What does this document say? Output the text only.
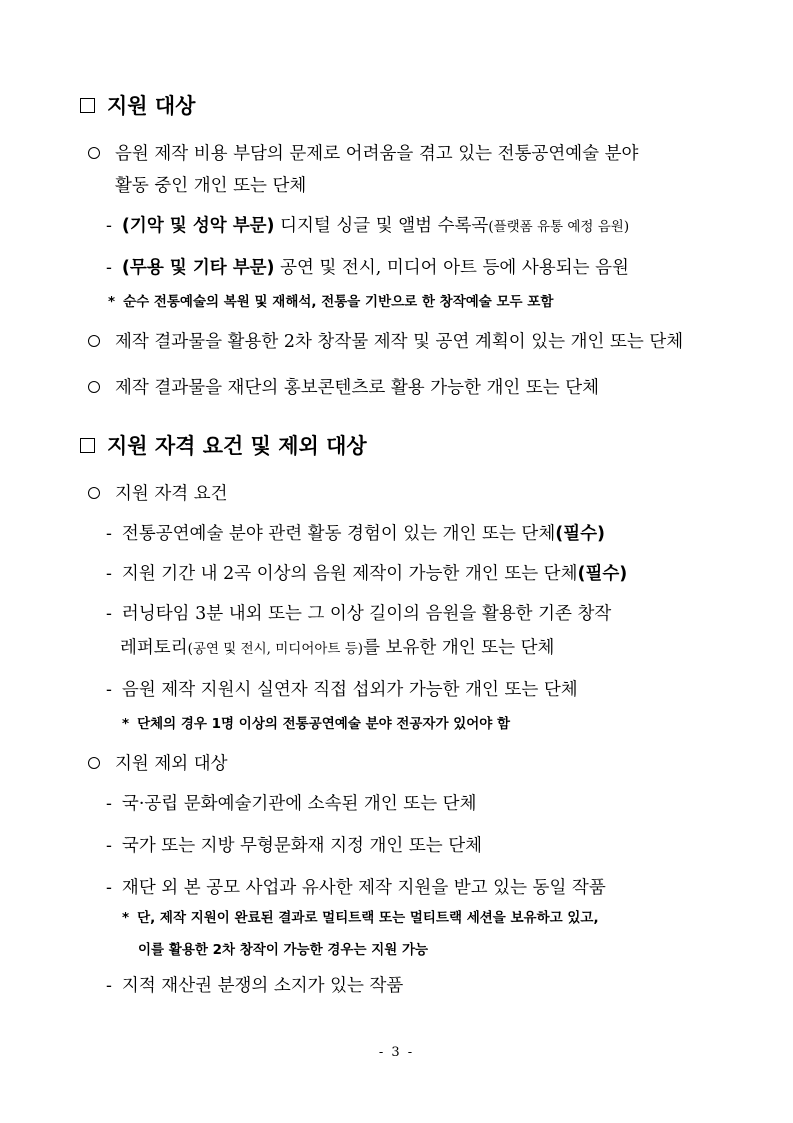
지원 대상
음원 제작 비용 부담의 문제로 어려움을 겪고 있는 전통공연예술 분야
활동 중인 개인 또는 단체
- (기악 및 성악 부문) 디지털 싱글 및 앨범 수록곡(플랫폼 유통 예정 음원)
- (무용 및 기타 부문) 공연 및 전시, 미디어 아트 등에 사용되는 음원
* 순수 전통예술의 복원 및 재해석, 전통을 기반으로 한 창작예술 모두 포함
제작 결과물을 활용한 2차 창작물 제작 및 공연 계획이 있는 개인 또는 단체
제작 결과물을 재단의 홍보콘텐츠로 활용 가능한 개인 또는 단체
지원 자격 요건 및 제외 대상
지원 자격 요건
- 전통공연예술 분야 관련 활동 경험이 있는 개인 또는 단체(필수)
- 지원 기간 내 2곡 이상의 음원 제작이 가능한 개인 또는 단체(필수)
- 러닝타임 3분 내외 또는 그 이상 길이의 음원을 활용한 기존 창작
레퍼토리(공연 및 전시, 미디어아트 등)를 보유한 개인 또는 단체
- 음원 제작 지원시 실연자 직접 섭외가 가능한 개인 또는 단체
* 단체의 경우 1명 이상의 전통공연예술 분야 전공자가 있어야 함
지원 제외 대상
- 국·공립 문화예술기관에 소속된 개인 또는 단체
- 국가 또는 지방 무형문화재 지정 개인 또는 단체
- 재단 외 본 공모 사업과 유사한 제작 지원을 받고 있는 동일 작품
* 단, 제작 지원이 완료된 결과로 멀티트랙 또는 멀티트랙 세션을 보유하고 있고,
이를 활용한 2차 창작이 가능한 경우는 지원 가능
- 지적 재산권 분쟁의 소지가 있는 작품
- 3 -
